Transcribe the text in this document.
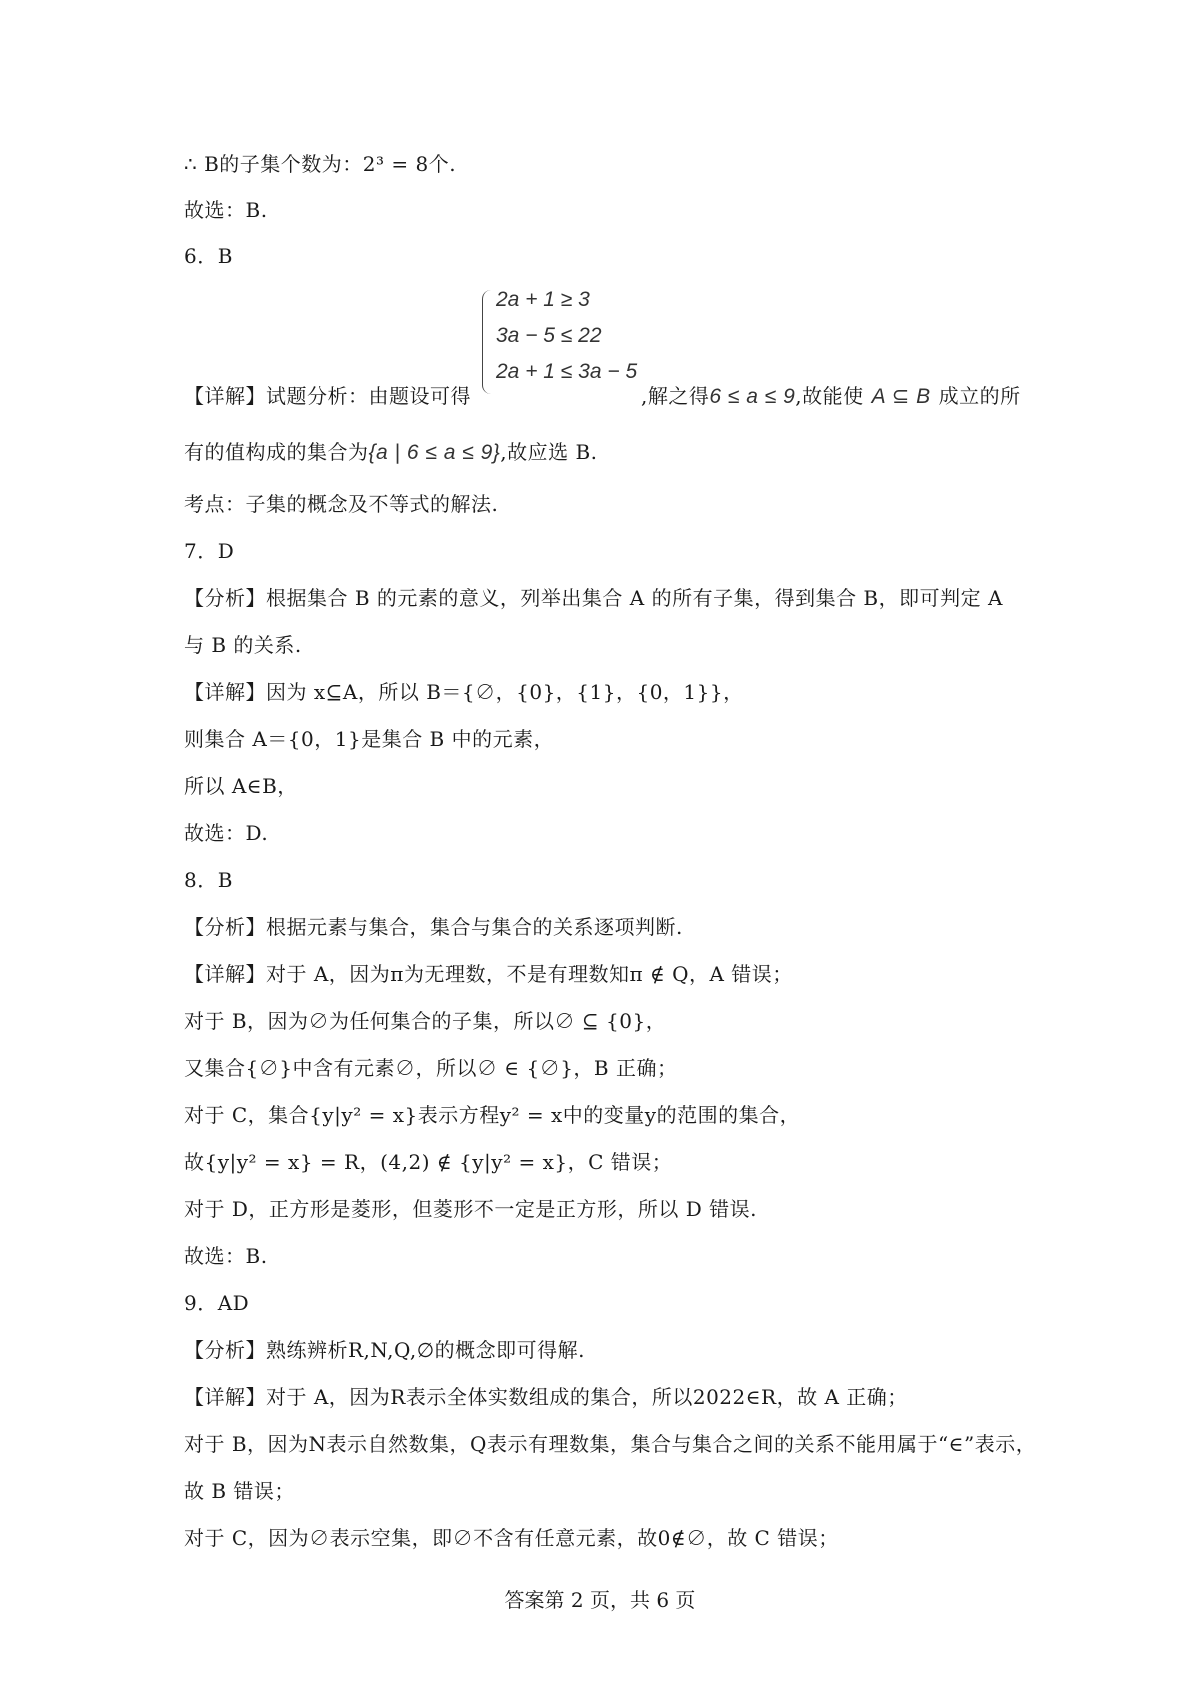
∴ B的子集个数为：2³ = 8个.
故选：B.
6．B
2a + 1 ≥ 3
3a − 5 ≤ 22
2a + 1 ≤ 3a − 5
【详解】试题分析：由题设可得	,解之得6 ≤ a ≤ 9,故能使 A ⊆ B 成立的所
有的值构成的集合为{a | 6 ≤ a ≤ 9},故应选 B.
考点：子集的概念及不等式的解法.
7．D
【分析】根据集合 B 的元素的意义，列举出集合 A 的所有子集，得到集合 B，即可判定 A
与 B 的关系.
【详解】因为 x⊆A，所以 B＝{∅，{0}，{1}，{0，1}}，
则集合 A＝{0，1}是集合 B 中的元素，
所以 A∈B，
故选：D.
8．B
【分析】根据元素与集合，集合与集合的关系逐项判断.
【详解】对于 A，因为π为无理数，不是有理数知π ∉ Q，A 错误；
对于 B，因为∅为任何集合的子集，所以∅ ⊆ {0}，
又集合{∅}中含有元素∅，所以∅ ∈ {∅}，B 正确；
对于 C，集合{y|y² = x}表示方程y² = x中的变量y的范围的集合，
故{y|y² = x} = R，(4,2) ∉ {y|y² = x}，C 错误；
对于 D，正方形是菱形，但菱形不一定是正方形，所以 D 错误.
故选：B.
9．AD
【分析】熟练辨析R,N,Q,∅的概念即可得解.
【详解】对于 A，因为R表示全体实数组成的集合，所以2022∈R，故 A 正确；
对于 B，因为N表示自然数集，Q表示有理数集，集合与集合之间的关系不能用属于“∈”表示，
故 B 错误；
对于 C，因为∅表示空集，即∅不含有任意元素，故0∉∅，故 C 错误；
答案第 2 页，共 6 页
